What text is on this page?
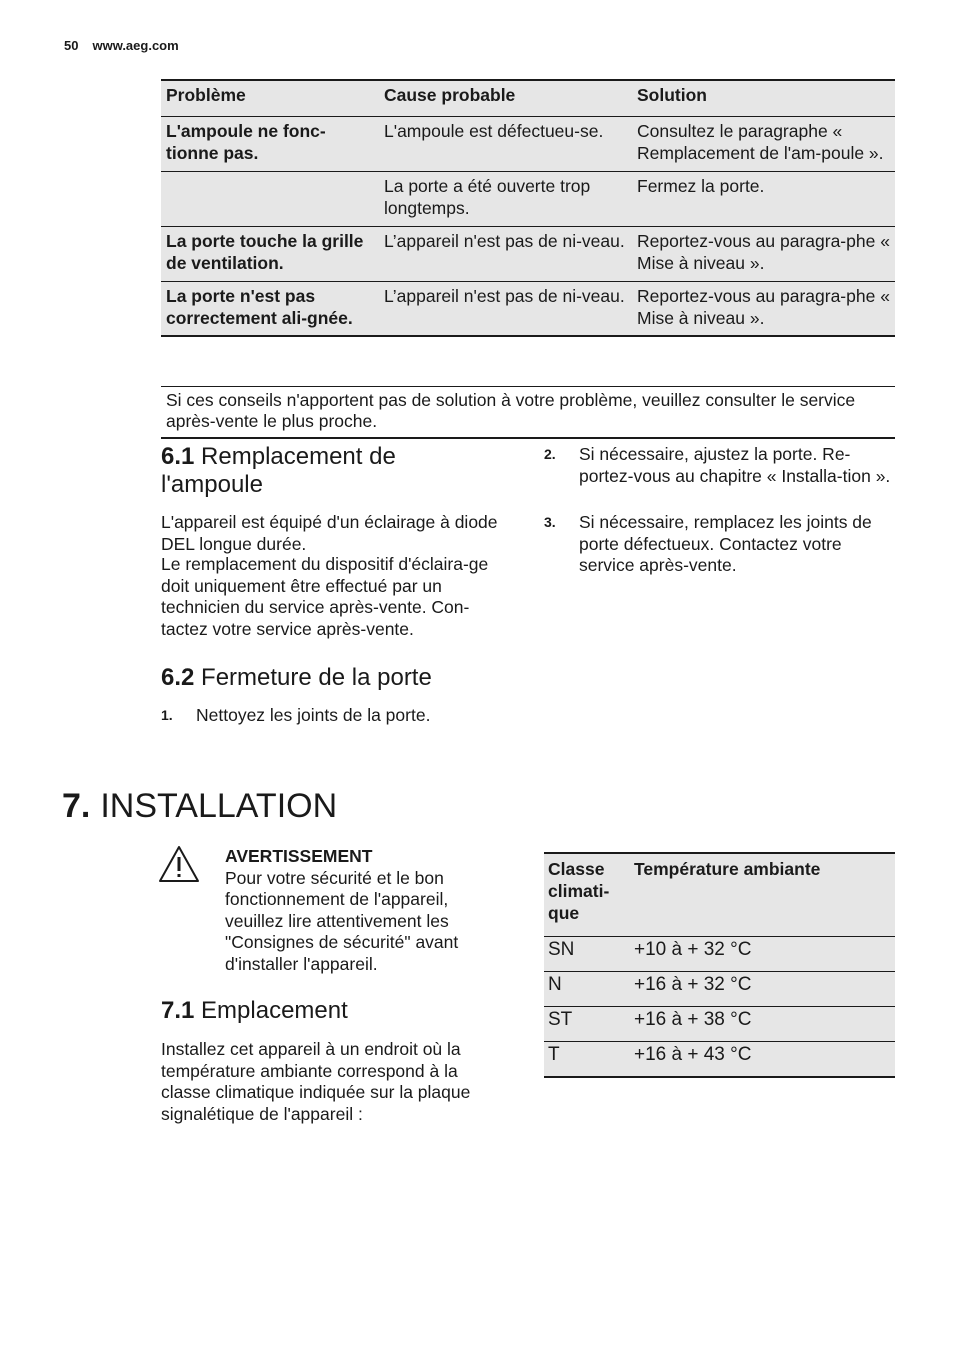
50 www.aeg.com
Problème	Cause probable	Solution
L'ampoule ne fonc-tionne pas.	L'ampoule est défectueu-se.	Consultez le paragraphe « Remplacement de l'am-poule ».
	La porte a été ouverte trop longtemps.	Fermez la porte.
La porte touche la grille de ventilation.	L’appareil n'est pas de ni-veau.	Reportez-vous au paragra-phe « Mise à niveau ».
La porte n'est pas correctement ali-gnée.	L’appareil n'est pas de ni-veau.	Reportez-vous au paragra-phe « Mise à niveau ».
Si ces conseils n'apportent pas de solution à votre problème, veuillez consulter le service après-vente le plus proche.
6.1 Remplacement de l'ampoule

L'appareil est équipé d'un éclairage à diode DEL longue durée.

Le remplacement du dispositif d'éclaira-ge doit uniquement être effectué par un technicien du service après-vente. Con-tactez votre service après-vente.

6.2 Fermeture de la porte
1. Nettoyez les joints de la porte.
2. Si nécessaire, ajustez la porte. Re-portez-vous au chapitre « Installa-tion ».
3. Si nécessaire, remplacez les joints de porte défectueux. Contactez votre service après-vente.
7. INSTALLATION
AVERTISSEMENT
Pour votre sécurité et le bon fonctionnement de l'appareil, veuillez lire attentivement les "Consignes de sécurité" avant d'installer l'appareil.
7.1 Emplacement

Installez cet appareil à un endroit où la température ambiante correspond à la classe climatique indiquée sur la plaque signalétique de l'appareil :

Classe climati-que	Température ambiante
SN	+10 à + 32 °C
N	+16 à + 32 °C
ST	+16 à + 38 °C
T	+16 à + 43 °C
